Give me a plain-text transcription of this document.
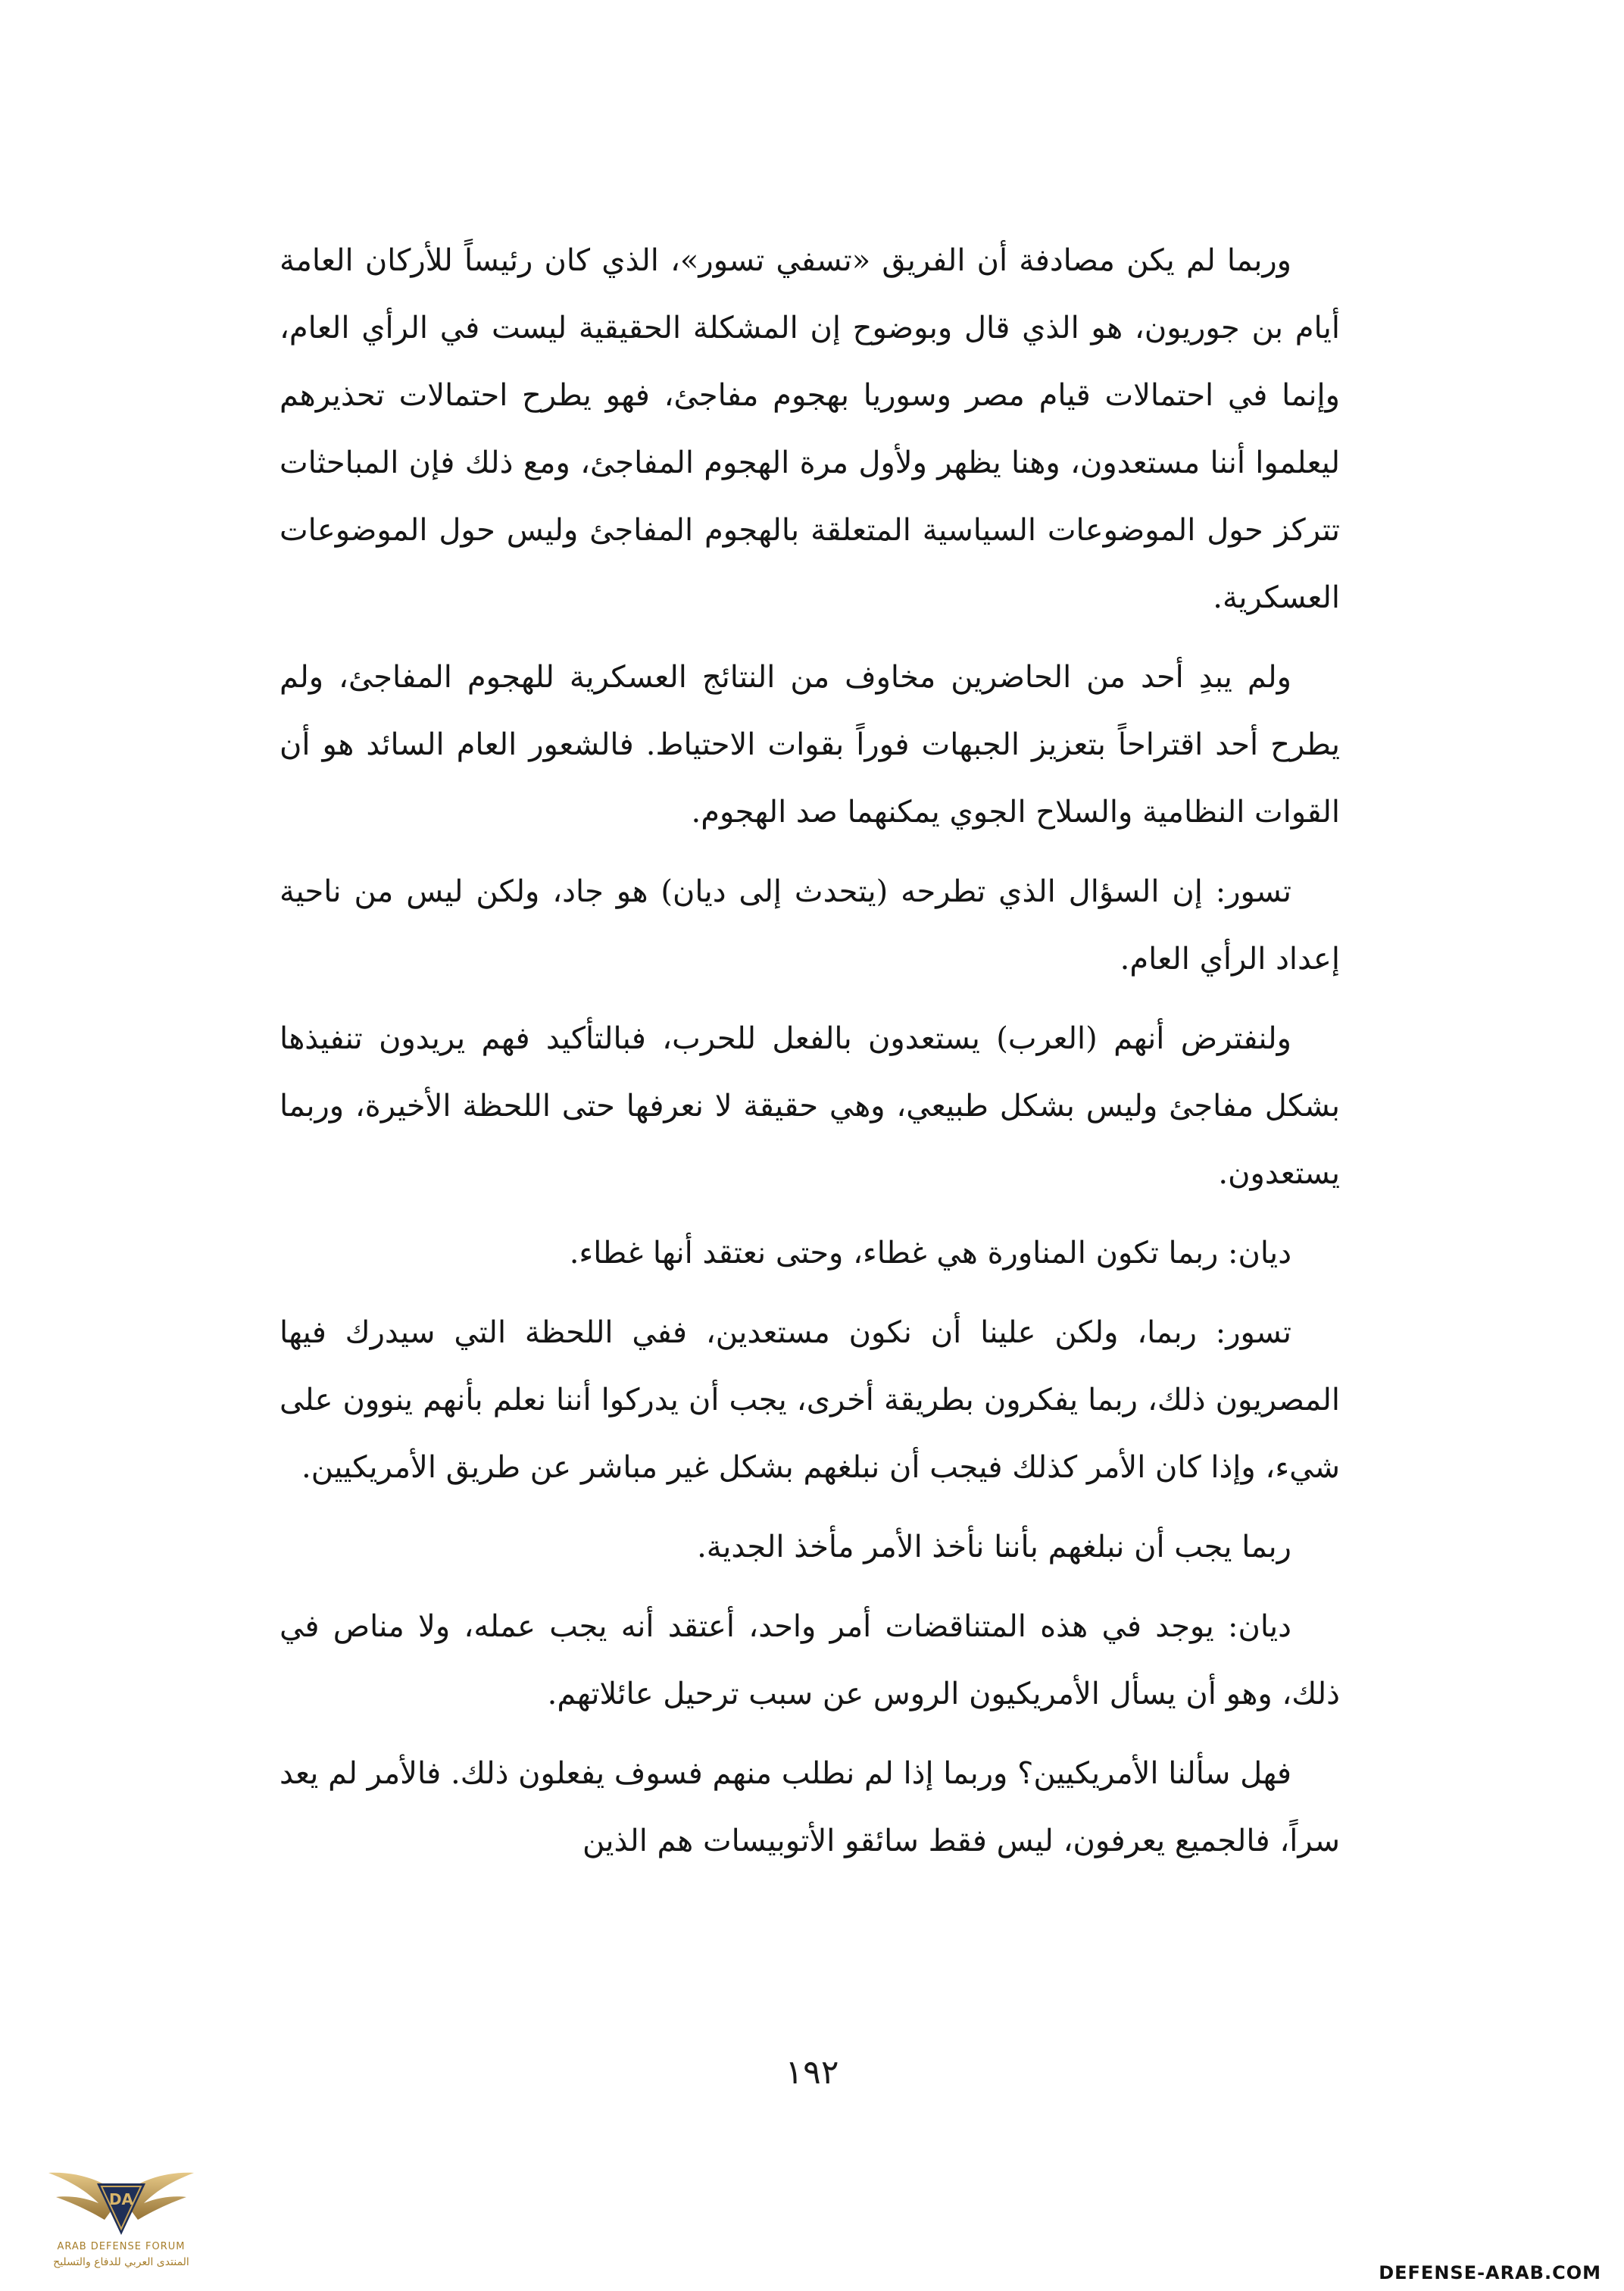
وربما لم يكن مصادفة أن الفريق «تسفي تسور»، الذي كان رئيساً للأركان العامة أيام بن جوريون، هو الذي قال وبوضوح إن المشكلة الحقيقية ليست في الرأي العام، وإنما في احتمالات قيام مصر وسوريا بهجوم مفاجئ، فهو يطرح احتمالات تحذيرهم ليعلموا أننا مستعدون، وهنا يظهر ولأول مرة الهجوم المفاجئ، ومع ذلك فإن المباحثات تتركز حول الموضوعات السياسية المتعلقة بالهجوم المفاجئ وليس حول الموضوعات العسكرية.

ولم يبدِ أحد من الحاضرين مخاوف من النتائج العسكرية للهجوم المفاجئ، ولم يطرح أحد اقتراحاً بتعزيز الجبهات فوراً بقوات الاحتياط. فالشعور العام السائد هو أن القوات النظامية والسلاح الجوي يمكنهما صد الهجوم.

تسور: إن السؤال الذي تطرحه (يتحدث إلى ديان) هو جاد، ولكن ليس من ناحية إعداد الرأي العام.

ولنفترض أنهم (العرب) يستعدون بالفعل للحرب، فبالتأكيد فهم يريدون تنفيذها بشكل مفاجئ وليس بشكل طبيعي، وهي حقيقة لا نعرفها حتى اللحظة الأخيرة، وربما يستعدون.

ديان: ربما تكون المناورة هي غطاء، وحتى نعتقد أنها غطاء.

تسور: ربما، ولكن علينا أن نكون مستعدين، ففي اللحظة التي سيدرك فيها المصريون ذلك، ربما يفكرون بطريقة أخرى، يجب أن يدركوا أننا نعلم بأنهم ينوون على شيء، وإذا كان الأمر كذلك فيجب أن نبلغهم بشكل غير مباشر عن طريق الأمريكيين.

ربما يجب أن نبلغهم بأننا نأخذ الأمر مأخذ الجدية.

ديان: يوجد في هذه المتناقضات أمر واحد، أعتقد أنه يجب عمله، ولا مناص في ذلك، وهو أن يسأل الأمريكيون الروس عن سبب ترحيل عائلاتهم.

فهل سألنا الأمريكيين؟ وربما إذا لم نطلب منهم فسوف يفعلون ذلك. فالأمر لم يعد سراً، فالجميع يعرفون، ليس فقط سائقو الأتوبيسات هم الذين

١٩٢
DA
ARAB DEFENSE FORUM
المنتدى العربي للدفاع والتسليح	DEFENSE-ARAB.COM
